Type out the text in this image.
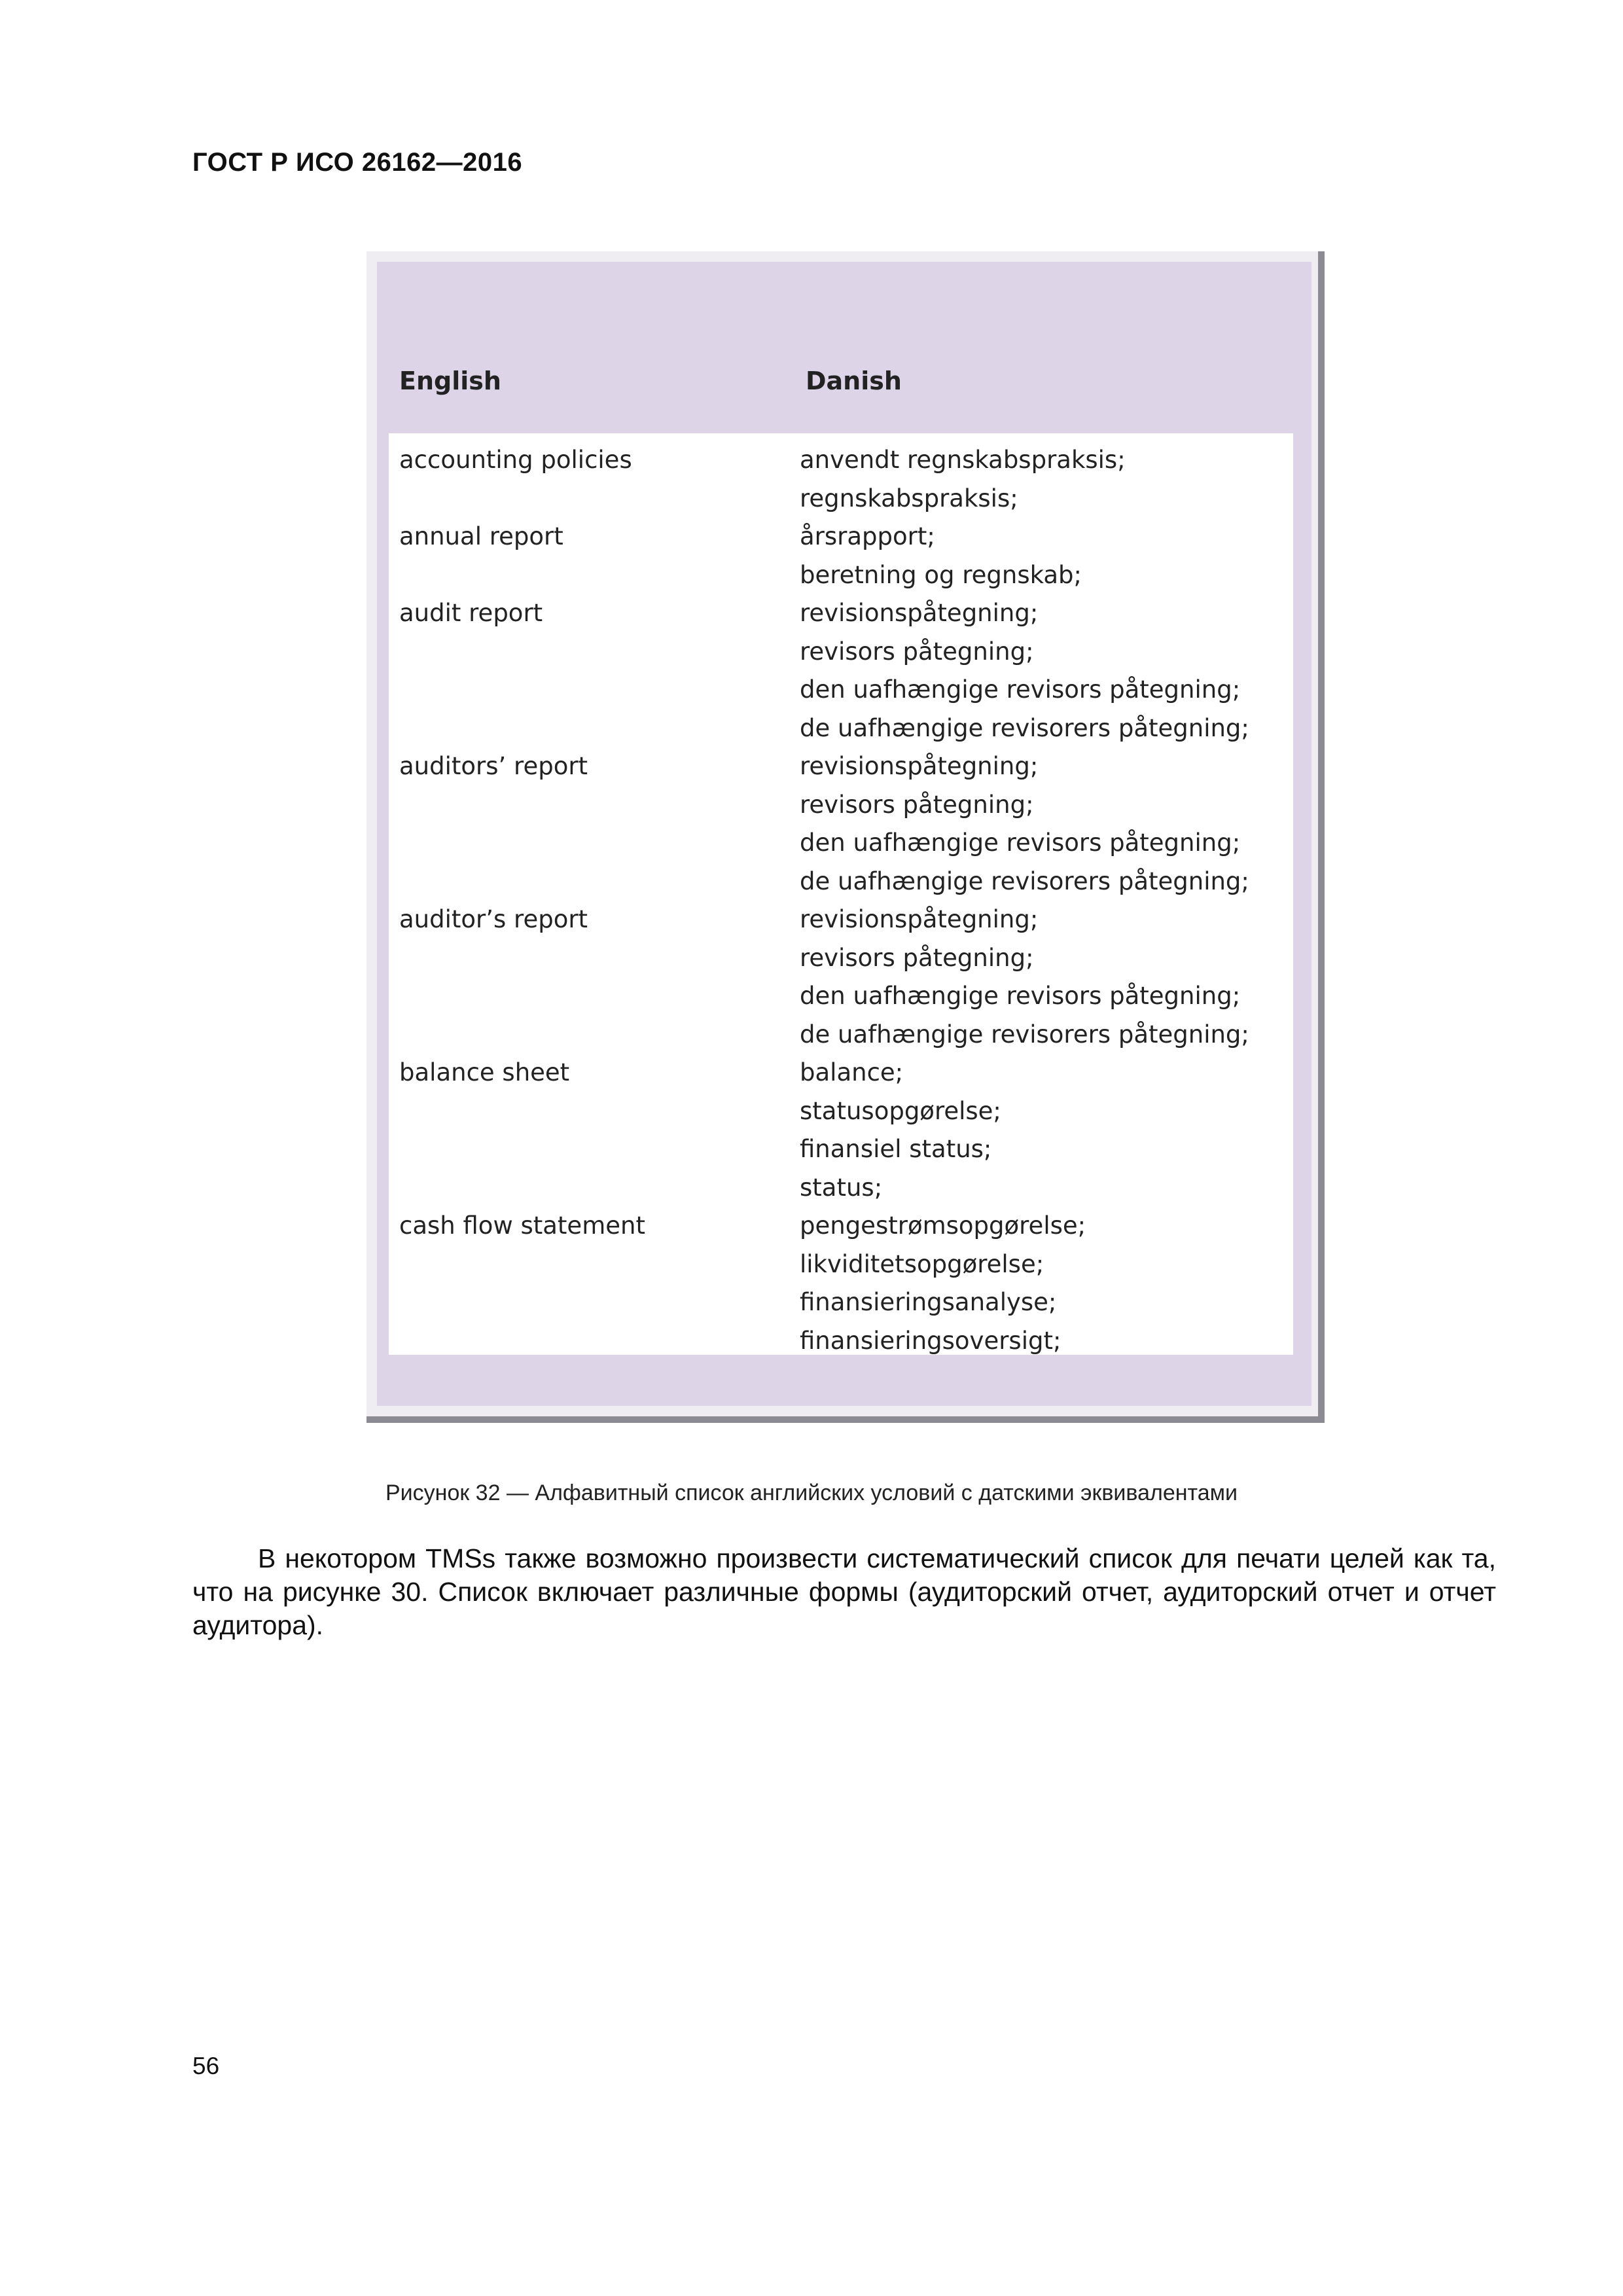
ГОСТ Р ИСО 26162—2016
English	Danish
accounting policies	anvendt regnskabspraksis;
regnskabspraksis;
annual report	årsrapport;
beretning og regnskab;
audit report	revisionspåtegning;
revisors påtegning;
den uafhængige revisors påtegning;
de uafhængige revisorers påtegning;
auditors’ report	revisionspåtegning;
revisors påtegning;
den uafhængige revisors påtegning;
de uafhængige revisorers påtegning;
auditor’s report	revisionspåtegning;
revisors påtegning;
den uafhængige revisors påtegning;
de uafhængige revisorers påtegning;
balance sheet	balance;
statusopgørelse;
finansiel status;
status;
cash flow statement	pengestrømsopgørelse;
likviditetsopgørelse;
finansieringsanalyse;
finansieringsoversigt;
Рисунок 32 — Алфавитный список английских условий с датскими эквивалентами

В некотором TMSs также возможно произвести систематический список для печати целей как та, что на рисунке 30. Список включает различные формы (аудиторский отчет, аудиторский отчет и отчет аудитора).

56
